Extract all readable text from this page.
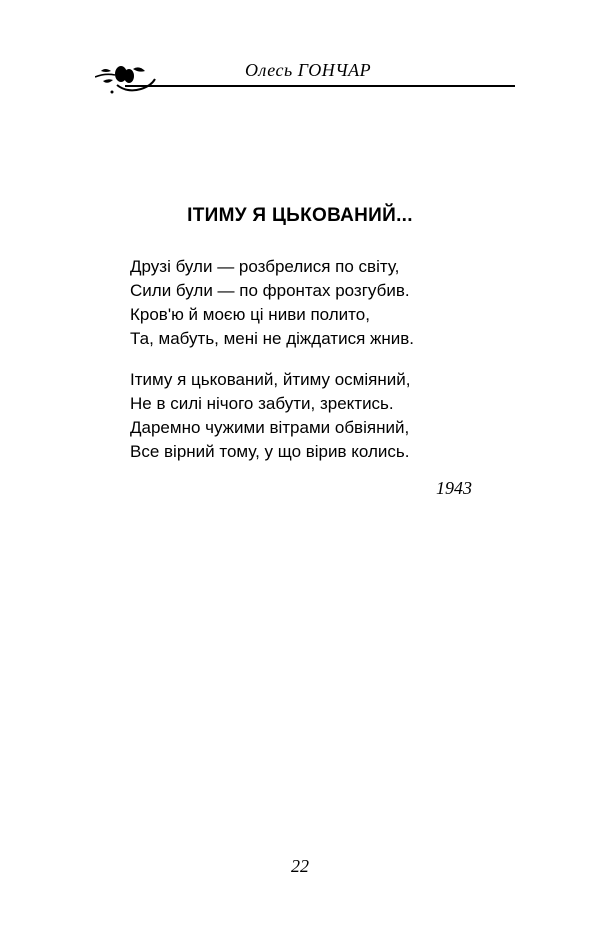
Олесь ГОНЧАР
ІТИМУ Я ЦЬКОВАНИЙ...
Друзі були — розбрелися по світу,
Сили були — по фронтах розгубив.
Кров'ю й моєю ці ниви полито,
Та, мабуть, мені не діждатися жнив.
Ітиму я цькований, йтиму осміяний,
Не в силі нічого забути, зректись.
Даремно чужими вітрами обвіяний,
Все вірний тому, у що вірив колись.
1943
22
